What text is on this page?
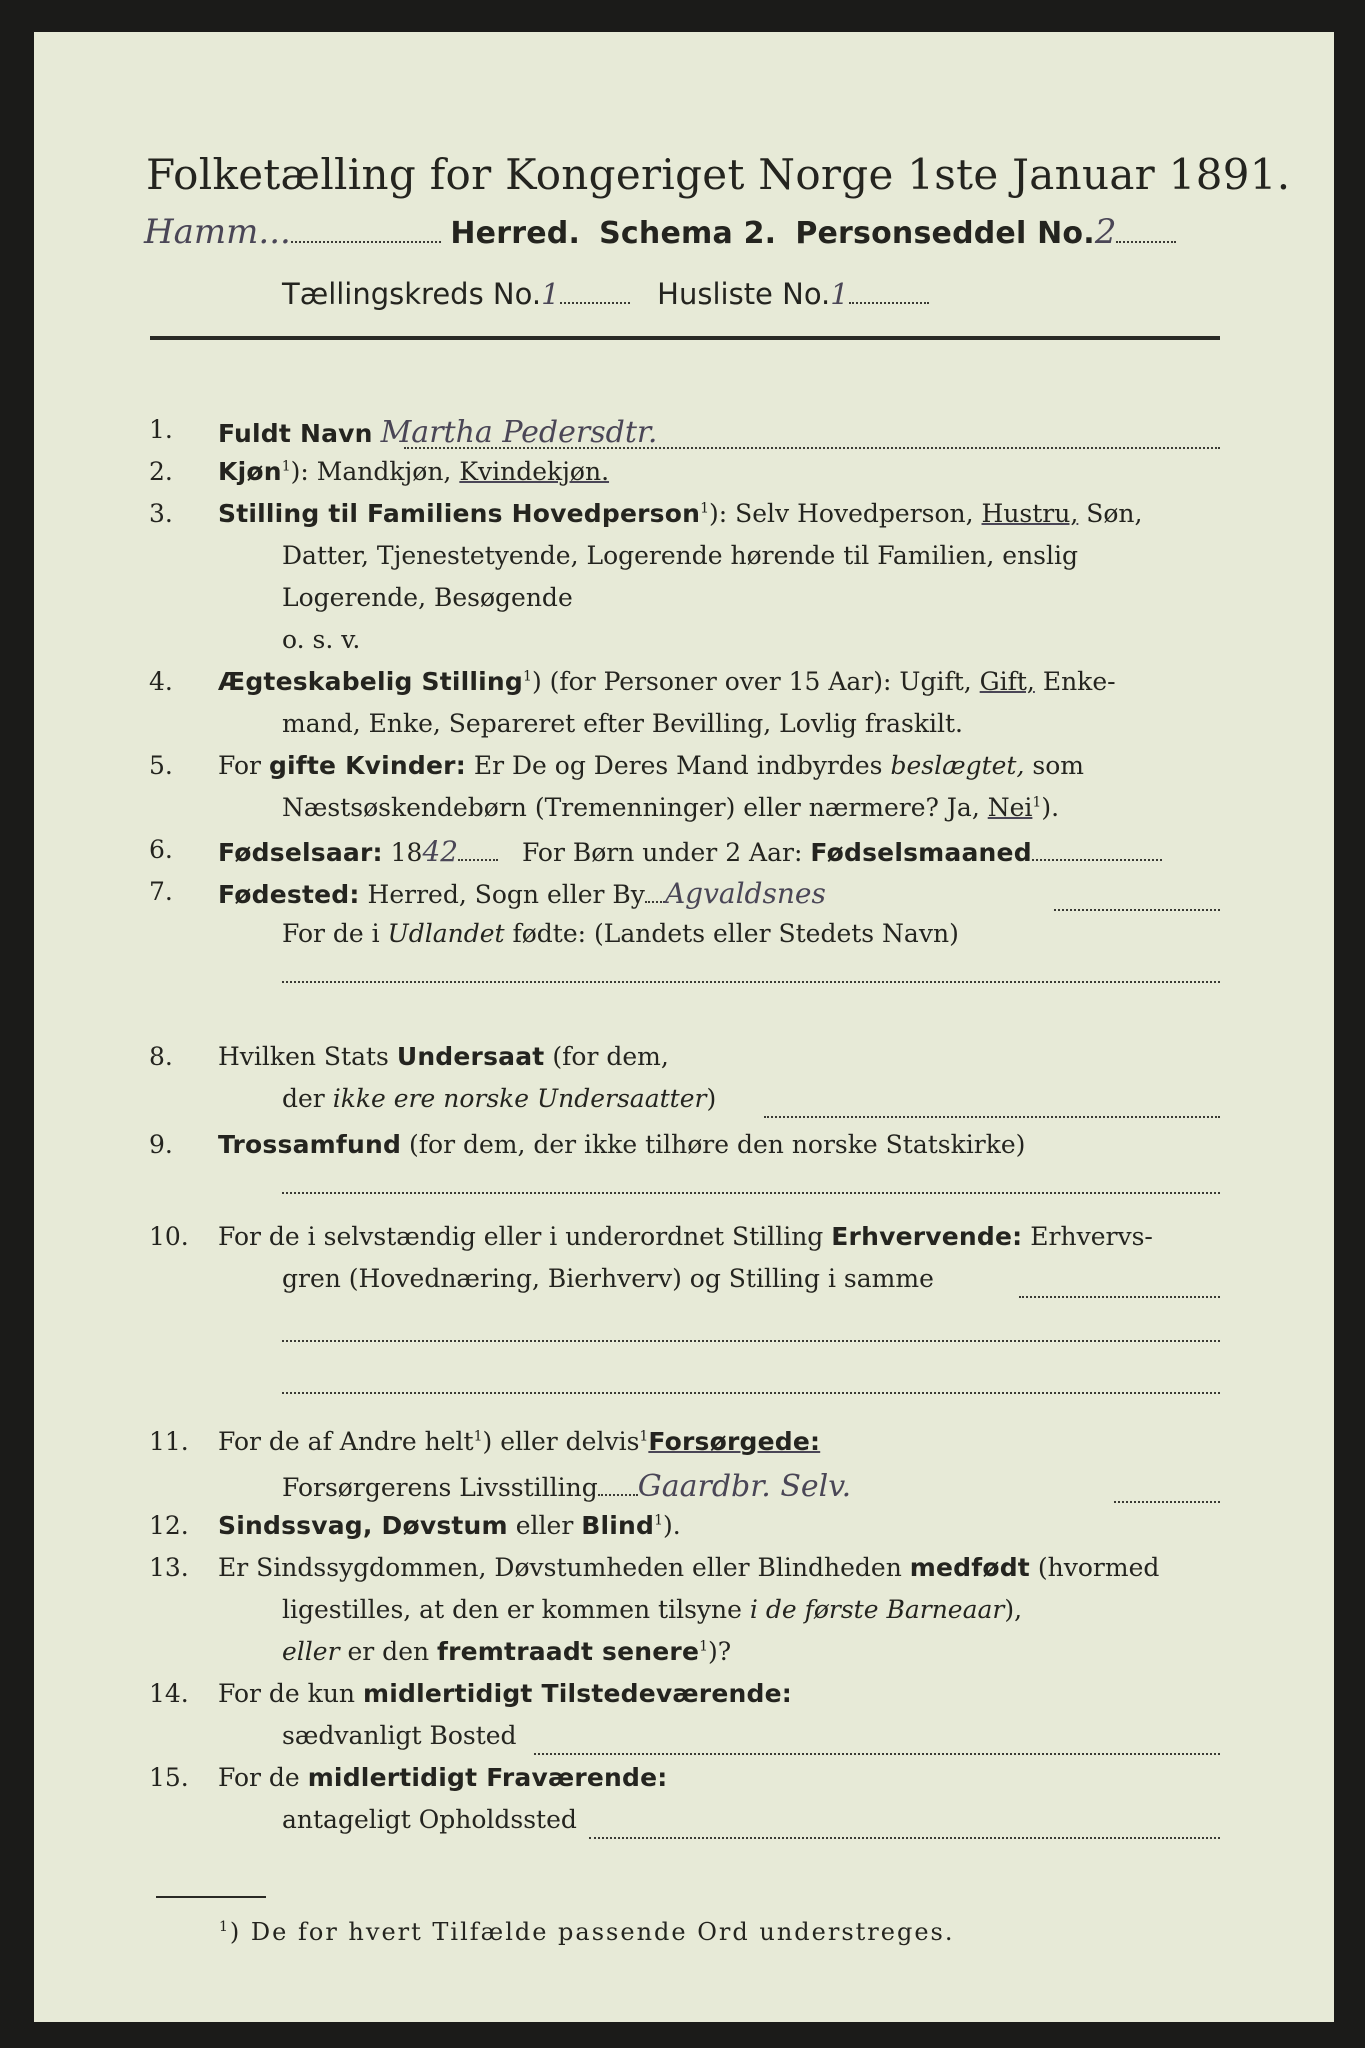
Folketælling for Kongeriget Norge 1ste Januar 1891.
Hamm...	Herred. Schema 2. Personseddel No.2
Tællingskreds No.1	Husliste No.1
1. Fuldt Navn Martha Pedersdtr.
2. Kjøn$^1$): Mandkjøn, Kvindekjøn.
3. Stilling til Familiens Hovedperson$^1$): Selv Hovedperson, Hustru, Søn,
Datter, Tjenestetyende, Logerende hørende til Familien, enslig
Logerende, Besøgende
o. s. v.
4. Ægteskabelig Stilling$^1$) (for Personer over 15 Aar): Ugift, Gift, Enke-
mand, Enke, Separeret efter Bevilling, Lovlig fraskilt.
5. For gifte Kvinder: Er De og Deres Mand indbyrdes beslægtet, som
Næstsøskendebørn (Tremenninger) eller nærmere? Ja, Nei$^1$).
6. Fødselsaar: 1842	For Børn under 2 Aar: Fødselsmaaned
7. Fødested: Herred, Sogn eller By Agvaldsnes
For de i Udlandet fødte: (Landets eller Stedets Navn)
8. Hvilken Stats Undersaat (for dem,
der ikke ere norske Undersaatter)
9. Trossamfund (for dem, der ikke tilhøre den norske Statskirke)
10. For de i selvstændig eller i underordnet Stilling Erhvervende: Erhvervs-
gren (Hovednæring, Bierhverv) og Stilling i samme
11. For de af Andre helt$^1$) eller delvis$^1$Forsørgede:
Forsørgerens Livsstilling Gaardbr. Selv.
12. Sindssvag, Døvstum eller Blind$^1$).
13. Er Sindssygdommen, Døvstumheden eller Blindheden medfødt (hvormed
ligestilles, at den er kommen tilsyne i de første Barneaar),
eller er den fremtraadt senere$^1$)?
14. For de kun midlertidigt Tilstedeværende:
sædvanligt Bosted
15. For de midlertidigt Fraværende:
antageligt Opholdssted
$^1$) De for hvert Tilfælde passende Ord understreges.
